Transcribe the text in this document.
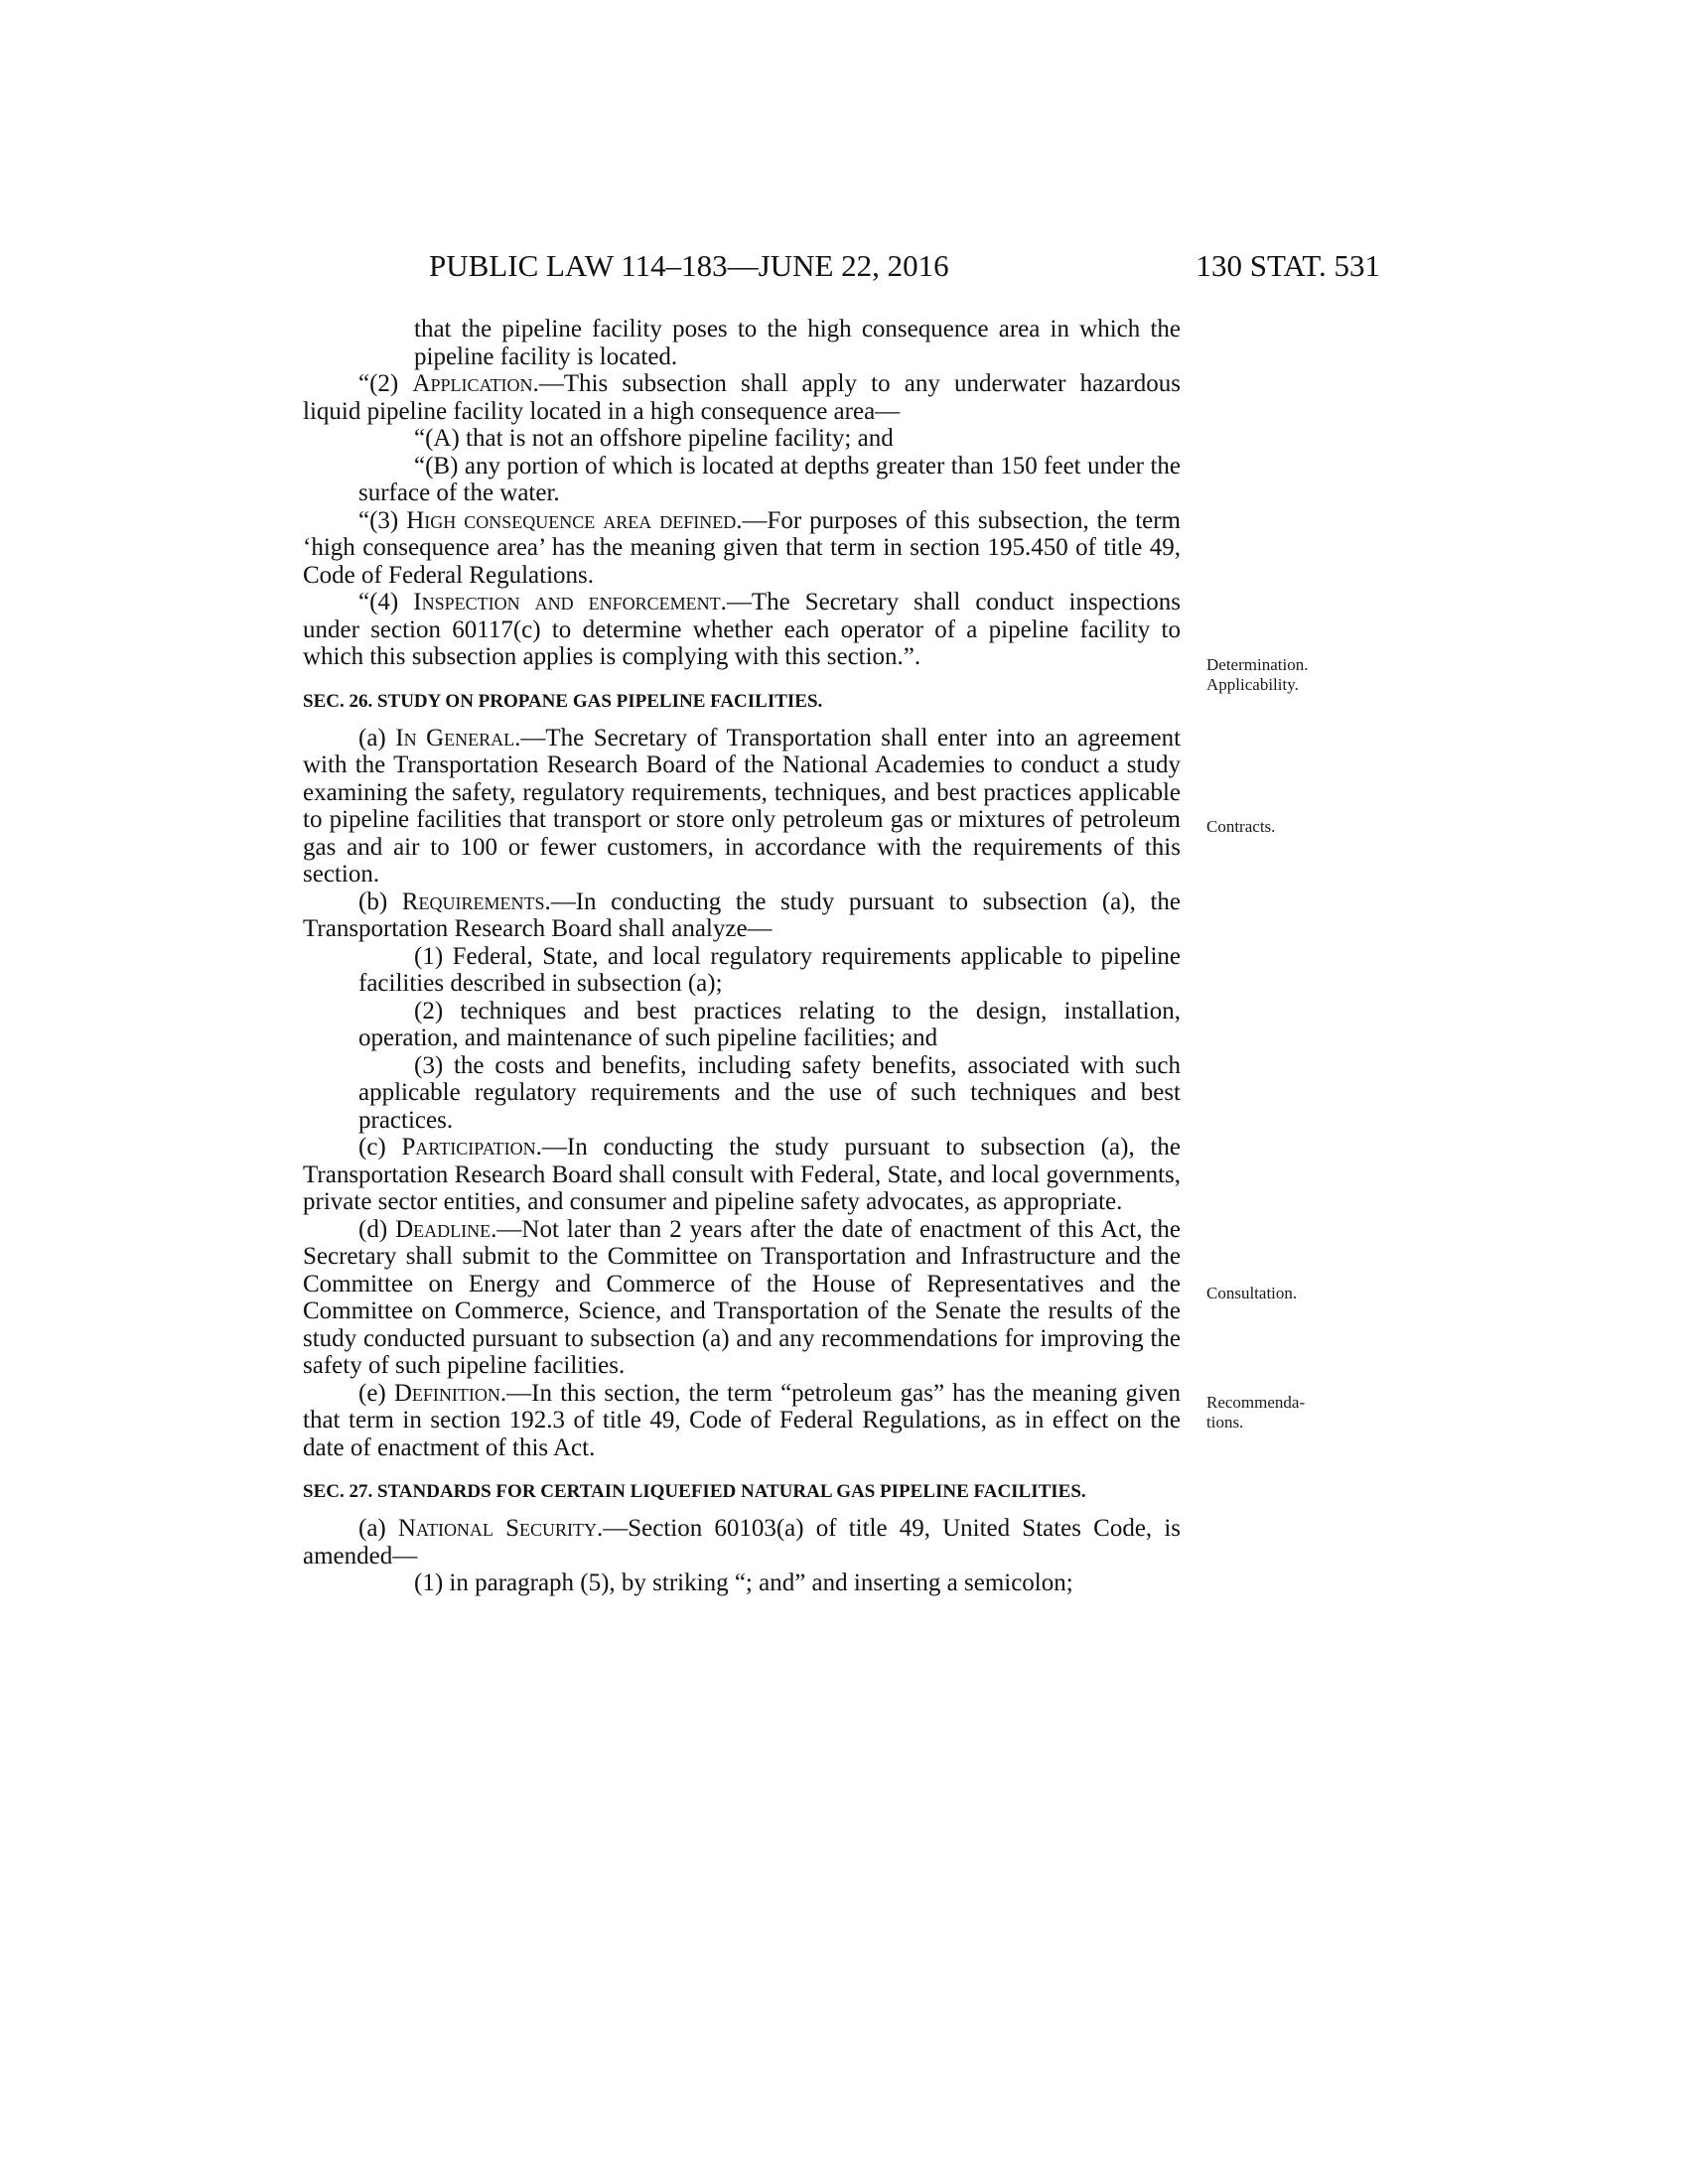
PUBLIC LAW 114–183—JUNE 22, 2016	130 STAT. 531

that the pipeline facility poses to the high consequence area in which the pipeline facility is located.

“(2) Application.—This subsection shall apply to any underwater hazardous liquid pipeline facility located in a high consequence area—

“(A) that is not an offshore pipeline facility; and

“(B) any portion of which is located at depths greater than 150 feet under the surface of the water.

“(3) High consequence area defined.—For purposes of this subsection, the term ‘high consequence area’ has the meaning given that term in section 195.450 of title 49, Code of Federal Regulations.

“(4) Inspection and enforcement.—The Secretary shall conduct inspections under section 60117(c) to determine whether each operator of a pipeline facility to which this subsection applies is complying with this section.”.

SEC. 26. STUDY ON PROPANE GAS PIPELINE FACILITIES.

(a) In General.—The Secretary of Transportation shall enter into an agreement with the Transportation Research Board of the National Academies to conduct a study examining the safety, regulatory requirements, techniques, and best practices applicable to pipeline facilities that transport or store only petroleum gas or mixtures of petroleum gas and air to 100 or fewer customers, in accordance with the requirements of this section.

(b) Requirements.—In conducting the study pursuant to subsection (a), the Transportation Research Board shall analyze—

(1) Federal, State, and local regulatory requirements applicable to pipeline facilities described in subsection (a);

(2) techniques and best practices relating to the design, installation, operation, and maintenance of such pipeline facilities; and

(3) the costs and benefits, including safety benefits, associated with such applicable regulatory requirements and the use of such techniques and best practices.

(c) Participation.—In conducting the study pursuant to subsection (a), the Transportation Research Board shall consult with Federal, State, and local governments, private sector entities, and consumer and pipeline safety advocates, as appropriate.

(d) Deadline.—Not later than 2 years after the date of enactment of this Act, the Secretary shall submit to the Committee on Transportation and Infrastructure and the Committee on Energy and Commerce of the House of Representatives and the Committee on Commerce, Science, and Transportation of the Senate the results of the study conducted pursuant to subsection (a) and any recommendations for improving the safety of such pipeline facilities.

(e) Definition.—In this section, the term “petroleum gas” has the meaning given that term in section 192.3 of title 49, Code of Federal Regulations, as in effect on the date of enactment of this Act.

SEC. 27. STANDARDS FOR CERTAIN LIQUEFIED NATURAL GAS PIPELINE FACILITIES.

(a) National Security.—Section 60103(a) of title 49, United States Code, is amended—

(1) in paragraph (5), by striking “; and” and inserting a semicolon;

Determination.
Applicability.
Contracts.
Consultation.
Recommenda-
tions.
